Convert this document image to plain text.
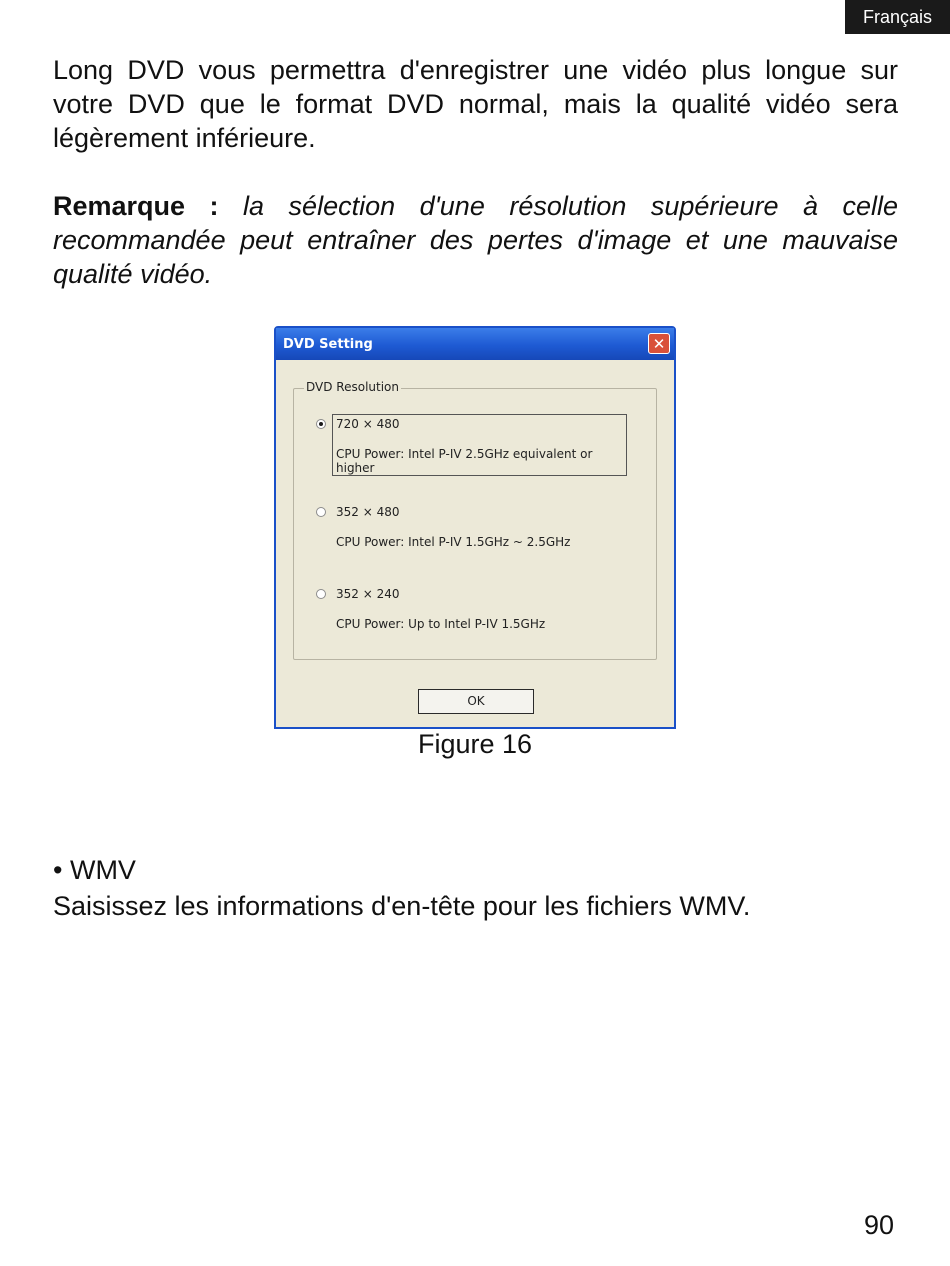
Français

Long DVD vous permettra d'enregistrer une vidéo plus longue sur votre DVD que le format DVD normal, mais la qualité vidéo sera légèrement inférieure.

Remarque : la sélection d'une résolution supérieure à celle recommandée peut entraîner des pertes d'image et une mauvaise qualité vidéo.

DVD Setting	✕
DVD Resolution
720 × 480
CPU Power: Intel P-IV 2.5GHz equivalent or higher
352 × 480
CPU Power: Intel P-IV 1.5GHz ~ 2.5GHz
352 × 240
CPU Power: Up to Intel P-IV 1.5GHz
OK
Figure 16
• WMV
Saisissez les informations d'en-tête pour les fichiers WMV.
90
